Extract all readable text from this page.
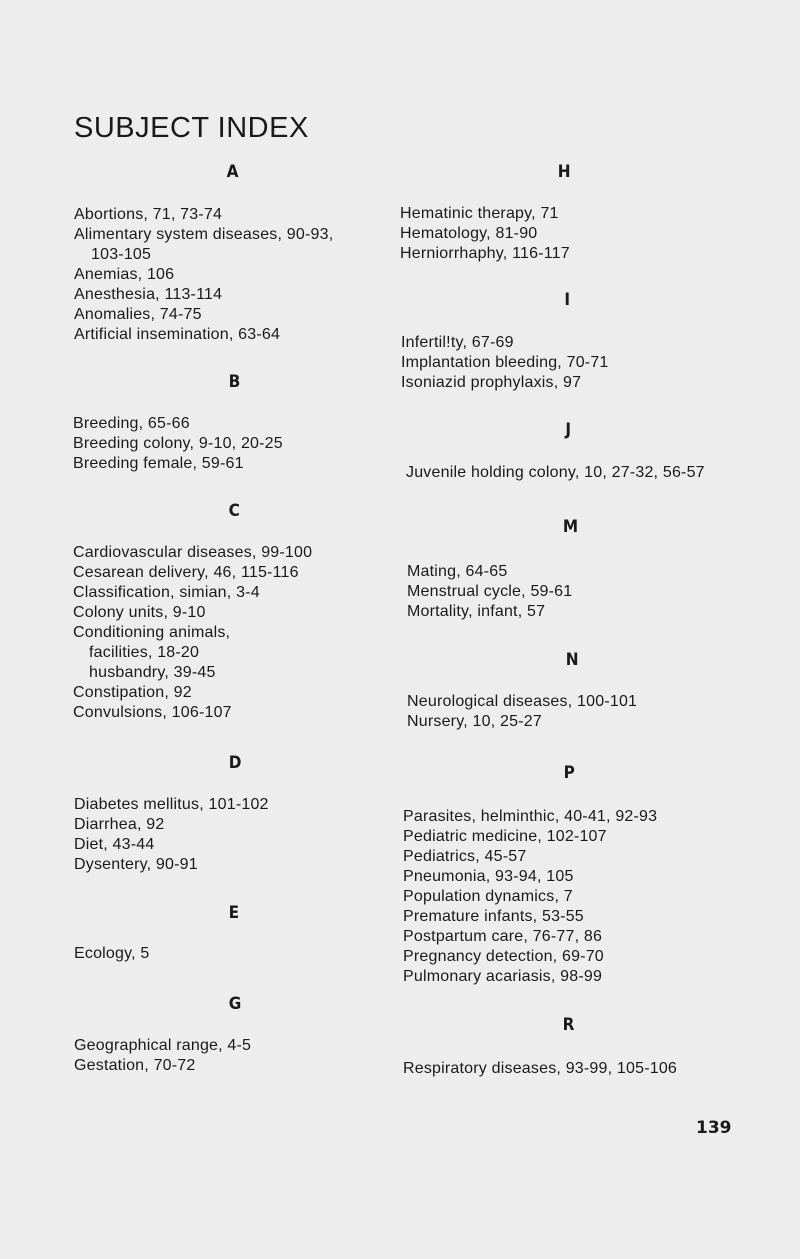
SUBJECT INDEX
A
Abortions, 71, 73-74
Alimentary system diseases, 90-93,
103-105
Anemias, 106
Anesthesia, 113-114
Anomalies, 74-75
Artificial insemination, 63-64
B
Breeding, 65-66
Breeding colony, 9-10, 20-25
Breeding female, 59-61
C
Cardiovascular diseases, 99-100
Cesarean delivery, 46, 115-116
Classification, simian, 3-4
Colony units, 9-10
Conditioning animals,
facilities, 18-20
husbandry, 39-45
Constipation, 92
Convulsions, 106-107
D
Diabetes mellitus, 101-102
Diarrhea, 92
Diet, 43-44
Dysentery, 90-91
E
Ecology, 5
G
Geographical range, 4-5
Gestation, 70-72
H
Hematinic therapy, 71
Hematology, 81-90
Herniorrhaphy, 116-117
I
Infertil!ty, 67-69
Implantation bleeding, 70-71
Isoniazid prophylaxis, 97
J
Juvenile holding colony, 10, 27-32, 56-57
M
Mating, 64-65
Menstrual cycle, 59-61
Mortality, infant, 57
N
Neurological diseases, 100-101
Nursery, 10, 25-27
P
Parasites, helminthic, 40-41, 92-93
Pediatric medicine, 102-107
Pediatrics, 45-57
Pneumonia, 93-94, 105
Population dynamics, 7
Premature infants, 53-55
Postpartum care, 76-77, 86
Pregnancy detection, 69-70
Pulmonary acariasis, 98-99
R
Respiratory diseases, 93-99, 105-106
139
